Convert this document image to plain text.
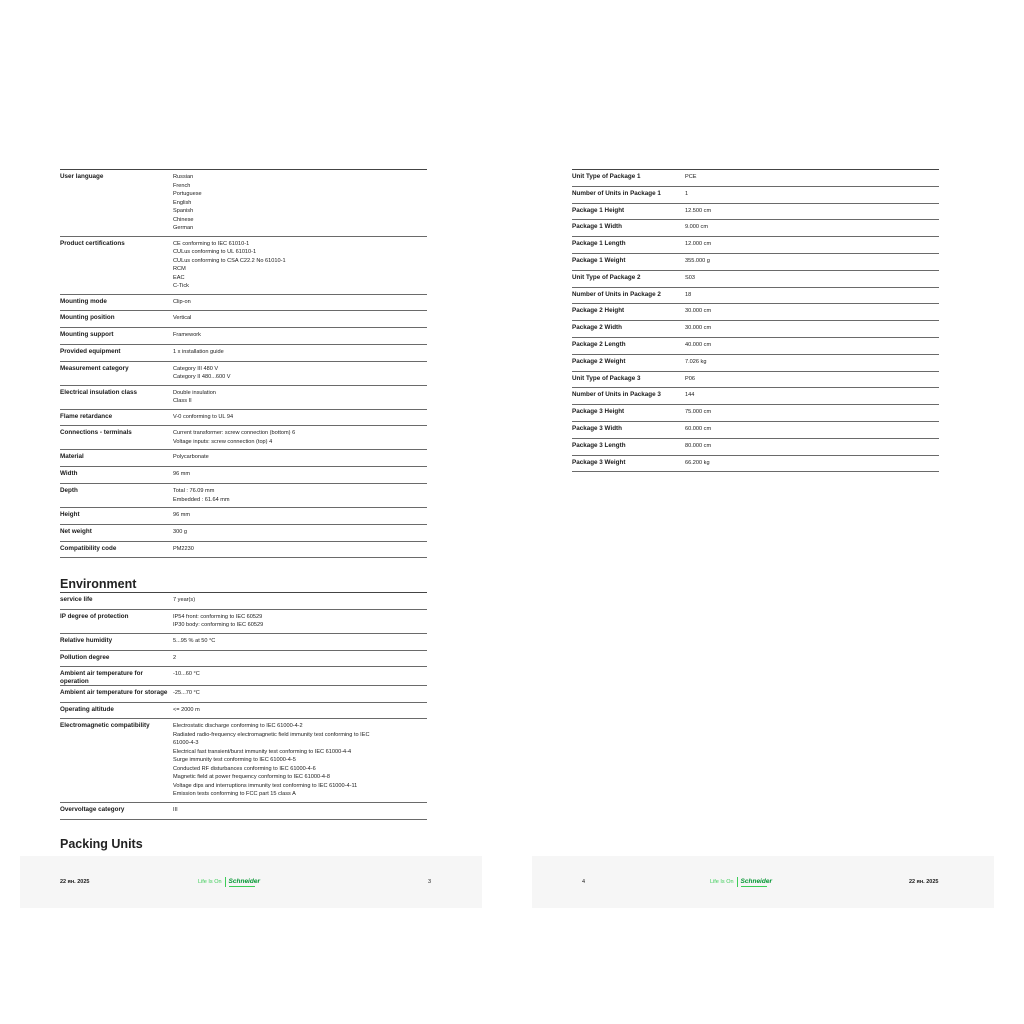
User language	Russian
French
Portuguese
English
Spanish
Chinese
German
Product certifications	CE conforming to IEC 61010-1
CULus conforming to UL 61010-1
CULus conforming to CSA C22.2 No 61010-1
RCM
EAC
C-Tick
Mounting mode	Clip-on
Mounting position	Vertical
Mounting support	Framework
Provided equipment	1 x installation guide
Measurement category	Category III 480 V
Category II 480...600 V
Electrical insulation class	Double insulation
Class II
Flame retardance	V-0 conforming to UL 94
Connections - terminals	Current transformer: screw connection (bottom) 6
Voltage inputs: screw connection (top) 4
Material	Polycarbonate
Width	96 mm
Depth	Total : 76.09 mm
Embedded : 61.64 mm
Height	96 mm
Net weight	300 g
Compatibility code	PM2230
Environment
service life	7 year(s)
IP degree of protection	IP54 front: conforming to IEC 60529
IP30 body: conforming to IEC 60529
Relative humidity	5...95 % at 50 °C
Pollution degree	2
Ambient air temperature for operation
-10...60 °C
Ambient air temperature for storage -25...70 °C
Operating altitude	<= 2000 m
Electromagnetic compatibility	Electrostatic discharge conforming to IEC 61000-4-2
Radiated radio-frequency electromagnetic field immunity test conforming to IEC
61000-4-3
Electrical fast transient/burst immunity test conforming to IEC 61000-4-4
Surge immunity test conforming to IEC 61000-4-5
Conducted RF disturbances conforming to IEC 61000-4-6
Magnetic field at power frequency conforming to IEC 61000-4-8
Voltage dips and interruptions immunity test conforming to IEC 61000-4-11
Emission tests conforming to FCC part 15 class A
Overvoltage category	III
Packing Units
22 ян. 2025	Life Is On Schneider	3
Unit Type of Package 1	PCE
Number of Units in Package 1	1
Package 1 Height	12.500 cm
Package 1 Width	9.000 cm
Package 1 Length	12.000 cm
Package 1 Weight	355.000 g
Unit Type of Package 2	S03
Number of Units in Package 2	18
Package 2 Height	30.000 cm
Package 2 Width	30.000 cm
Package 2 Length	40.000 cm
Package 2 Weight	7.026 kg
Unit Type of Package 3	P06
Number of Units in Package 3	144
Package 3 Height	75.000 cm
Package 3 Width	60.000 cm
Package 3 Length	80.000 cm
Package 3 Weight	66.200 kg
4	Life Is On Schneider	22 ян. 2025
